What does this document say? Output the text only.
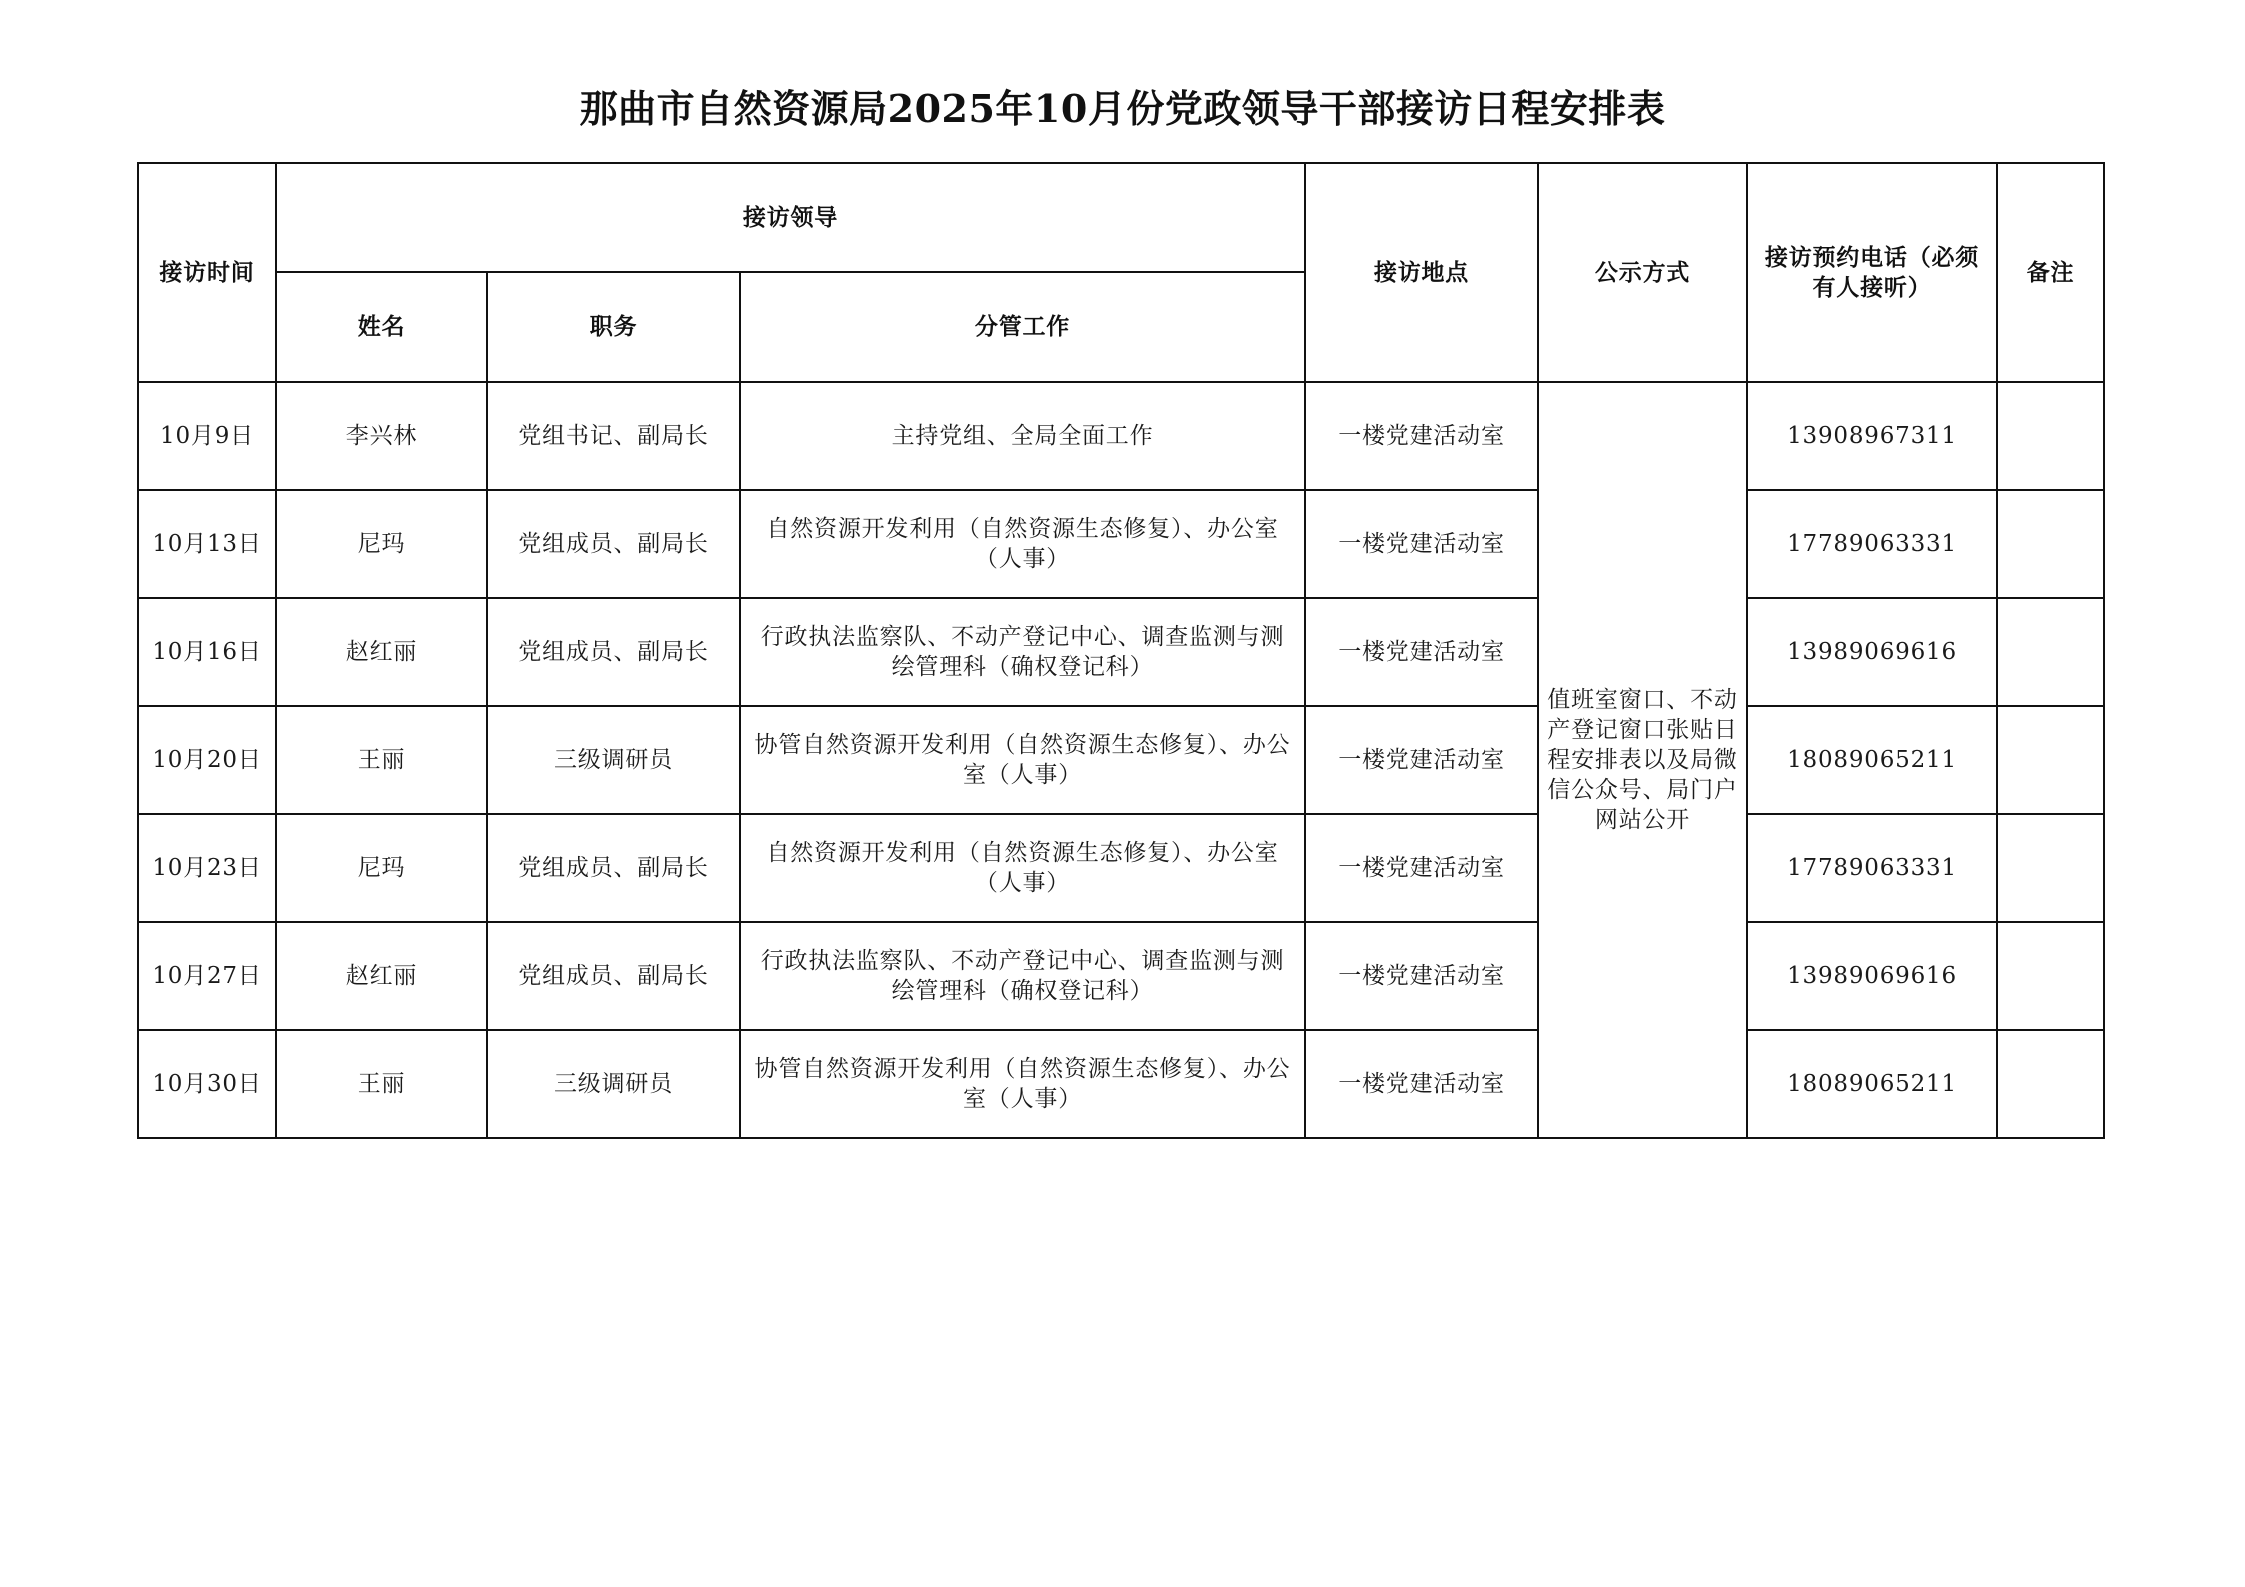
那曲市自然资源局2025年10月份党政领导干部接访日程安排表
接访时间	接访领导			接访地点	公示方式	接访预约电话（必须有人接听）	备注
	姓名	职务	分管工作				
10月9日	李兴林	党组书记、副局长	主持党组、全局全面工作	一楼党建活动室	值班室窗口、不动产登记窗口张贴日程安排表以及局微信公众号、局门户网站公开	13908967311	
10月13日	尼玛	党组成员、副局长	自然资源开发利用（自然资源生态修复）、办公室（人事）	一楼党建活动室		17789063331	
10月16日	赵红丽	党组成员、副局长	行政执法监察队、不动产登记中心、调查监测与测绘管理科（确权登记科）	一楼党建活动室		13989069616	
10月20日	王丽	三级调研员	协管自然资源开发利用（自然资源生态修复）、办公室（人事）	一楼党建活动室		18089065211	
10月23日	尼玛	党组成员、副局长	自然资源开发利用（自然资源生态修复）、办公室（人事）	一楼党建活动室		17789063331	
10月27日	赵红丽	党组成员、副局长	行政执法监察队、不动产登记中心、调查监测与测绘管理科（确权登记科）	一楼党建活动室		13989069616	
10月30日	王丽	三级调研员	协管自然资源开发利用（自然资源生态修复）、办公室（人事）	一楼党建活动室		18089065211	
